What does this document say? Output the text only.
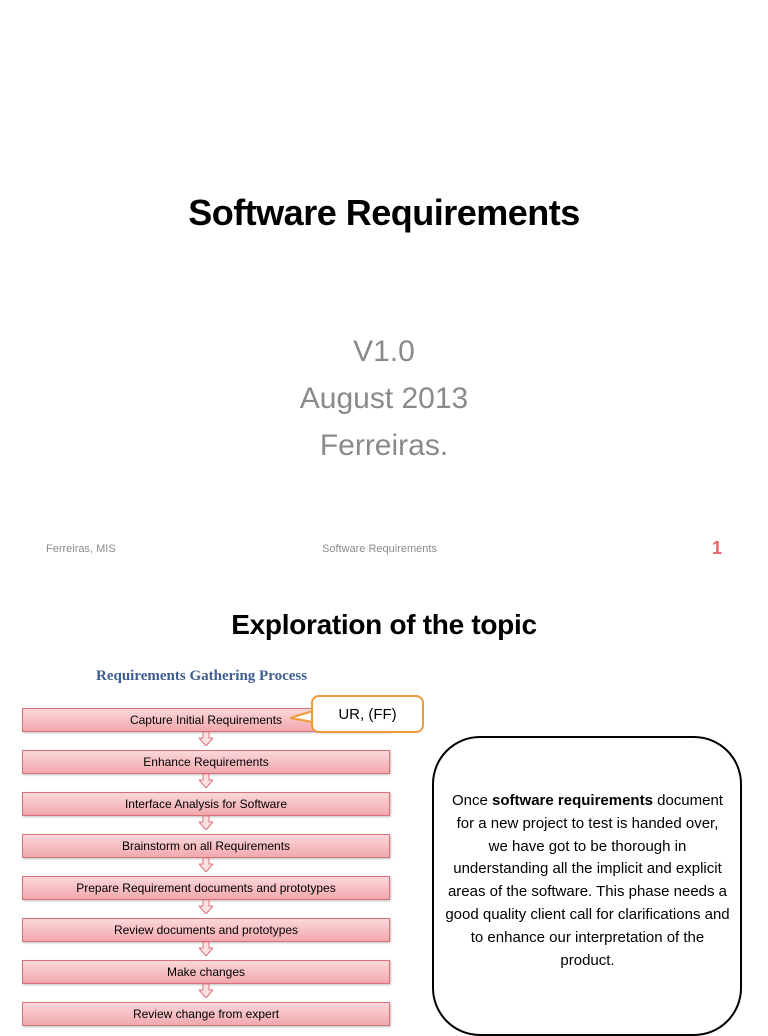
Software Requirements
V1.0
August 2013
Ferreiras.
Ferreiras, MIS	Software Requirements	1
Exploration of the topic
Requirements Gathering Process
Capture Initial Requirements
Enhance Requirements
Interface Analysis for Software
Brainstorm on all Requirements
Prepare Requirement documents and prototypes
Review documents and prototypes
Make changes
Review change from expert
UR, (FF)
Once software requirements document for a new project to test is handed over, we have got to be thorough in understanding all the implicit and explicit areas of the software. This phase needs a good quality client call for clarifications and to enhance our interpretation of the product.
